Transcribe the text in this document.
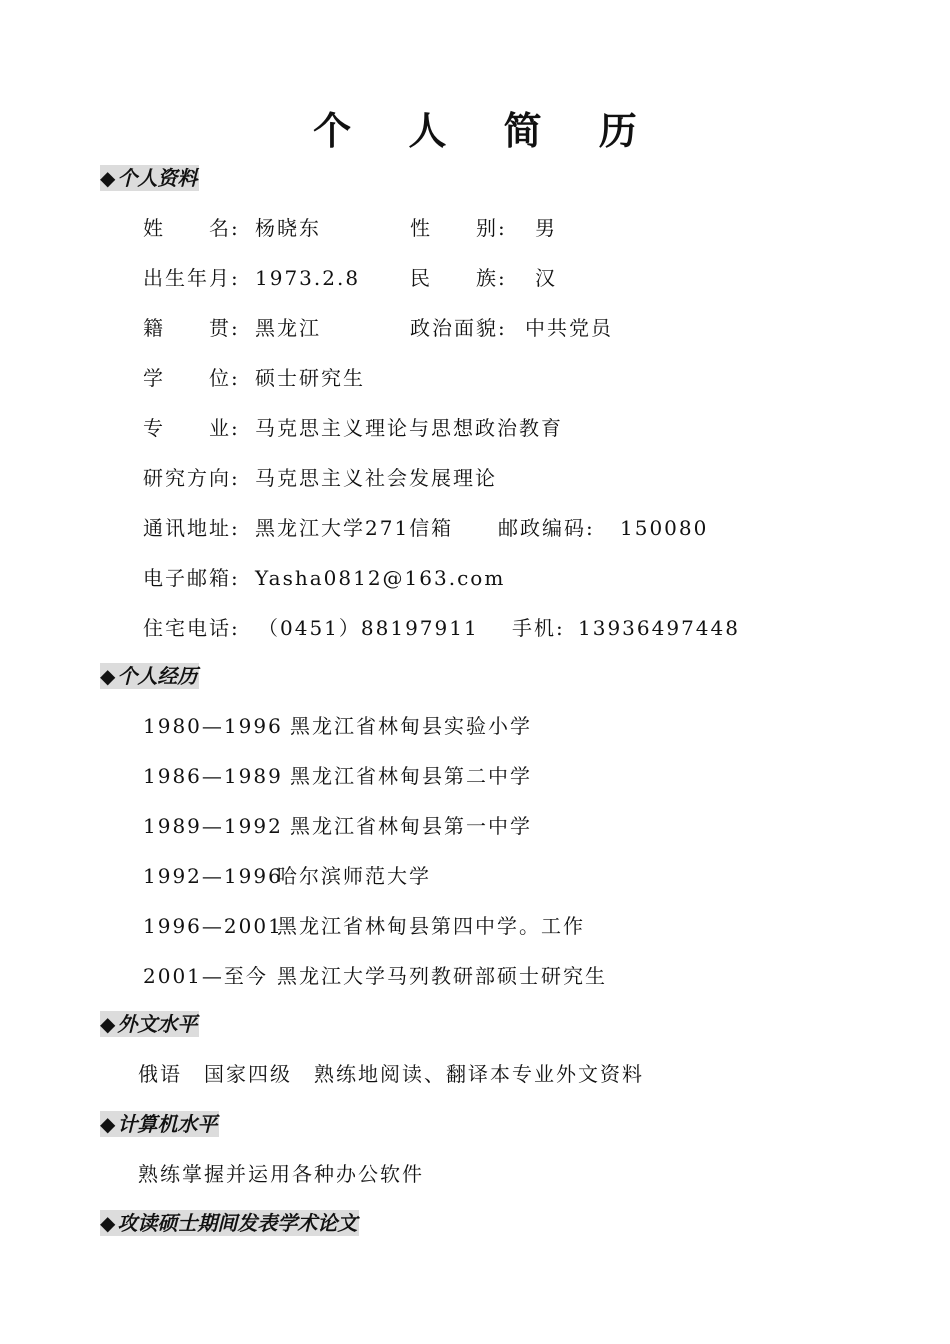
个 人 简 历
◆ 个人资料
姓　　名: 杨晓东	性　　别: 男
出生年月: 1973.2.8 民　　族: 汉
籍　　贯: 黑龙江	政治面貌: 中共党员
学　　位: 硕士研究生
专　　业: 马克思主义理论与思想政治教育
研究方向: 马克思主义社会发展理论
通讯地址: 黑龙江大学271信箱 邮政编码: 150080
电子邮箱: Yasha0812@163.com
住宅电话: （0451）88197911 手机: 13936497448
◆ 个人经历
1980—1996 黑龙江省林甸县实验小学
1986—1989 黑龙江省林甸县第二中学
1989—1992 黑龙江省林甸县第一中学
1992—1996
哈尔滨师范大学
1996—2001
黑龙江省林甸县第四中学。工作
2001—至今 黑龙江大学马列教研部硕士研究生
◆ 外文水平
俄语　国家四级　熟练地阅读、翻译本专业外文资料
◆ 计算机水平
熟练掌握并运用各种办公软件
◆ 攻读硕士期间发表学术论文
